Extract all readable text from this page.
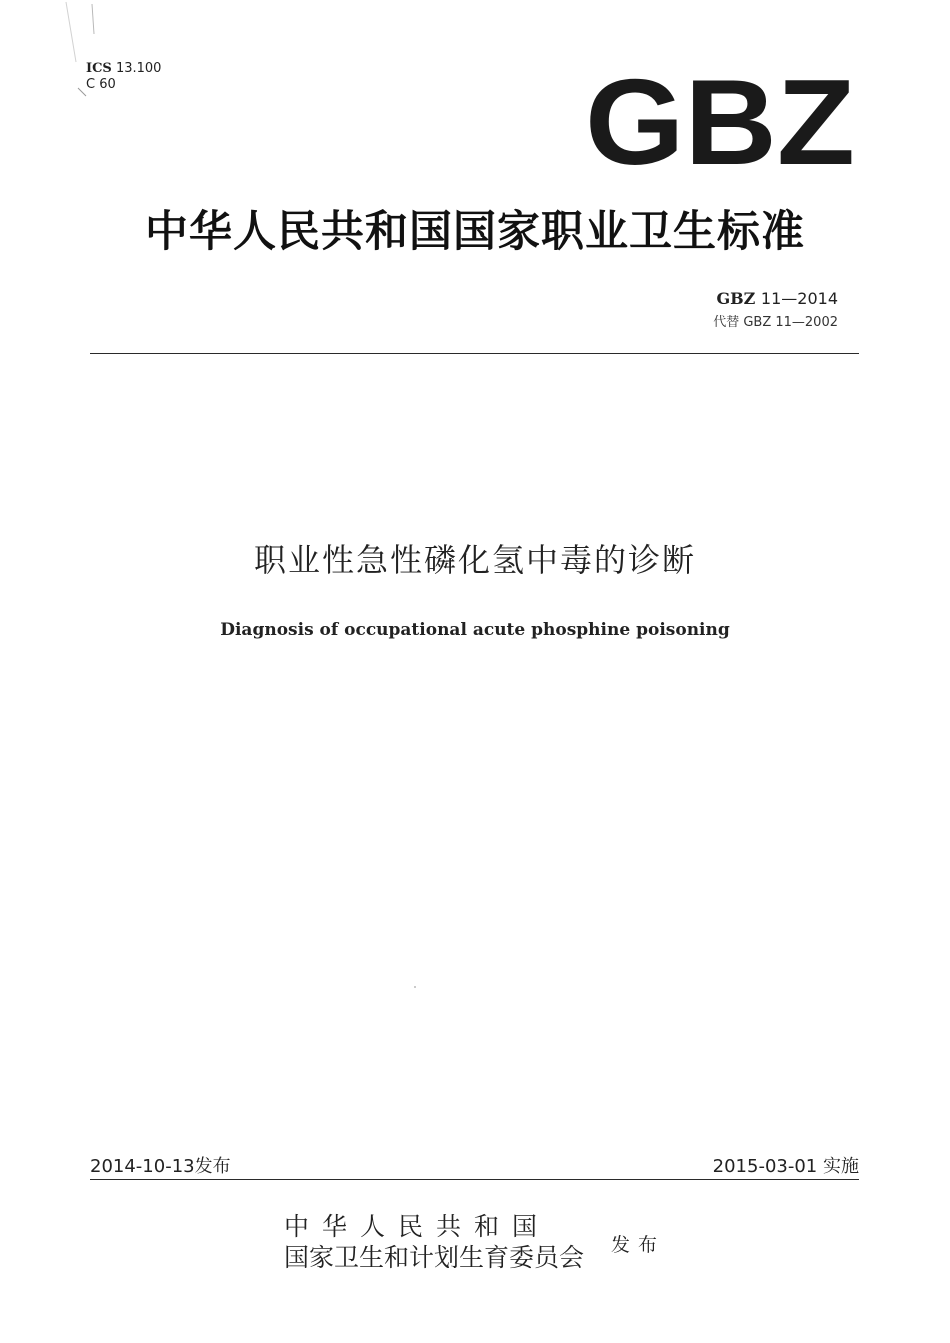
ICS 13.100
C 60	GBZ
中华人民共和国国家职业卫生标准
GBZ 11—2014
代替 GBZ 11—2002
职业性急性磷化氢中毒的诊断
Diagnosis of occupational acute phosphine poisoning
2014-10-13发布	2015-03-01 实施
中华人民共和国
国家卫生和计划生育委员会 发布
